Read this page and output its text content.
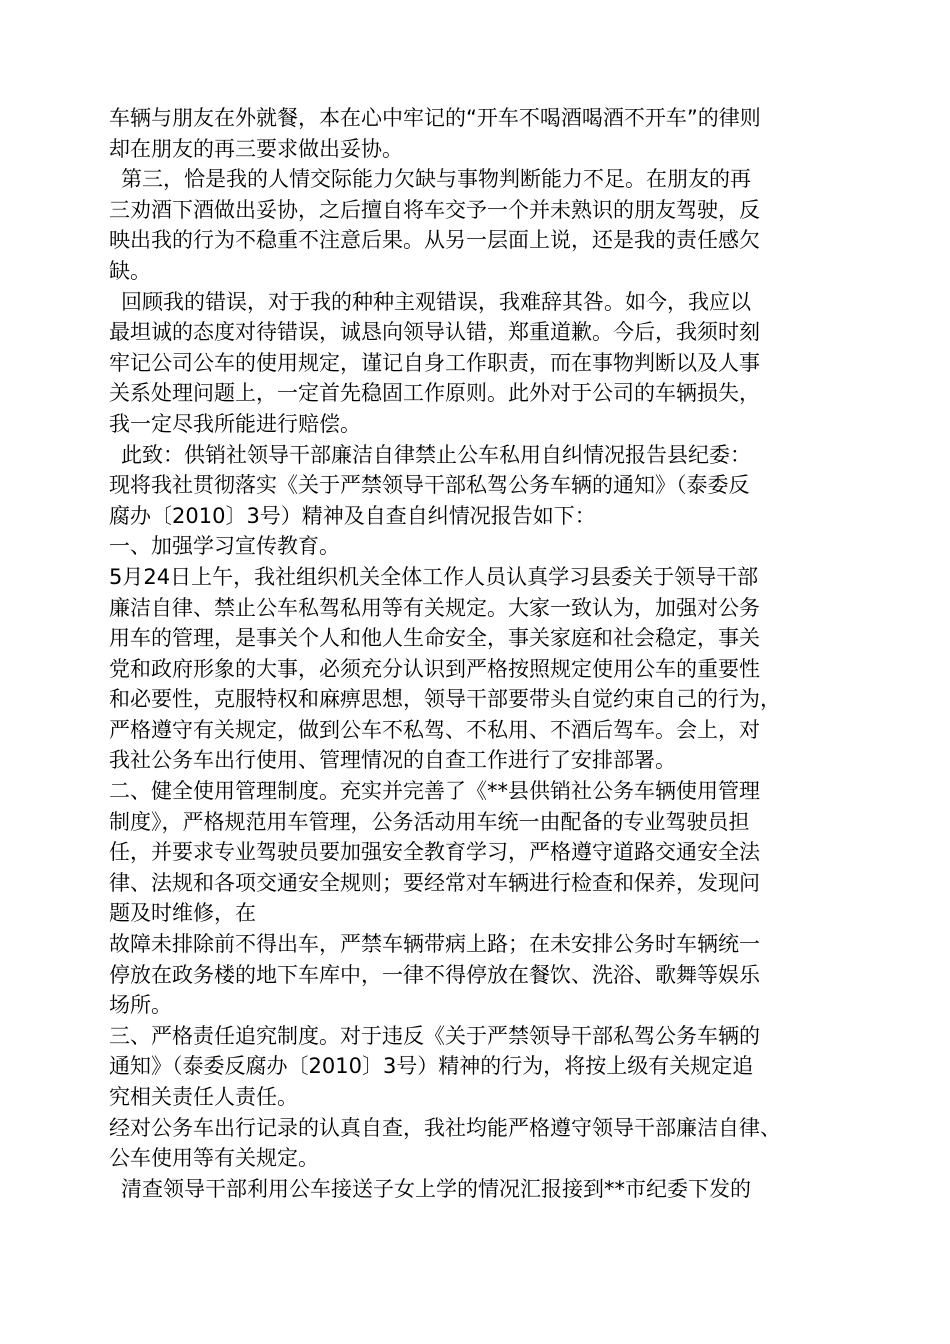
车辆与朋友在外就餐，本在心中牢记的“开车不喝酒喝酒不开车”的律则
却在朋友的再三要求做出妥协。
第三，恰是我的人情交际能力欠缺与事物判断能力不足。在朋友的再
三劝酒下酒做出妥协，之后擅自将车交予一个并未熟识的朋友驾驶，反
映出我的行为不稳重不注意后果。从另一层面上说，还是我的责任感欠
缺。
回顾我的错误，对于我的种种主观错误，我难辞其咎。如今，我应以
最坦诚的态度对待错误，诚恳向领导认错，郑重道歉。今后，我须时刻
牢记公司公车的使用规定，谨记自身工作职责，而在事物判断以及人事
关系处理问题上，一定首先稳固工作原则。此外对于公司的车辆损失，
我一定尽我所能进行赔偿。
此致：供销社领导干部廉洁自律禁止公车私用自纠情况报告县纪委：
现将我社贯彻落实《关于严禁领导干部私驾公务车辆的通知》（泰委反
腐办〔2010〕3号）精神及自查自纠情况报告如下：
一、加强学习宣传教育。
5月24日上午，我社组织机关全体工作人员认真学习县委关于领导干部
廉洁自律、禁止公车私驾私用等有关规定。大家一致认为，加强对公务
用车的管理，是事关个人和他人生命安全，事关家庭和社会稳定，事关
党和政府形象的大事，必须充分认识到严格按照规定使用公车的重要性
和必要性，克服特权和麻痹思想，领导干部要带头自觉约束自己的行为，
严格遵守有关规定，做到公车不私驾、不私用、不酒后驾车。会上，对
我社公务车出行使用、管理情况的自查工作进行了安排部署。
二、健全使用管理制度。充实并完善了《**县供销社公务车辆使用管理
制度》，严格规范用车管理，公务活动用车统一由配备的专业驾驶员担
任，并要求专业驾驶员要加强安全教育学习，严格遵守道路交通安全法
律、法规和各项交通安全规则；要经常对车辆进行检查和保养，发现问
题及时维修，在
故障未排除前不得出车，严禁车辆带病上路；在未安排公务时车辆统一
停放在政务楼的地下车库中，一律不得停放在餐饮、洗浴、歌舞等娱乐
场所。
三、严格责任追究制度。对于违反《关于严禁领导干部私驾公务车辆的
通知》（泰委反腐办〔2010〕3号）精神的行为，将按上级有关规定追
究相关责任人责任。
经对公务车出行记录的认真自查，我社均能严格遵守领导干部廉洁自律、
公车使用等有关规定。
清查领导干部利用公车接送子女上学的情况汇报接到**市纪委下发的
